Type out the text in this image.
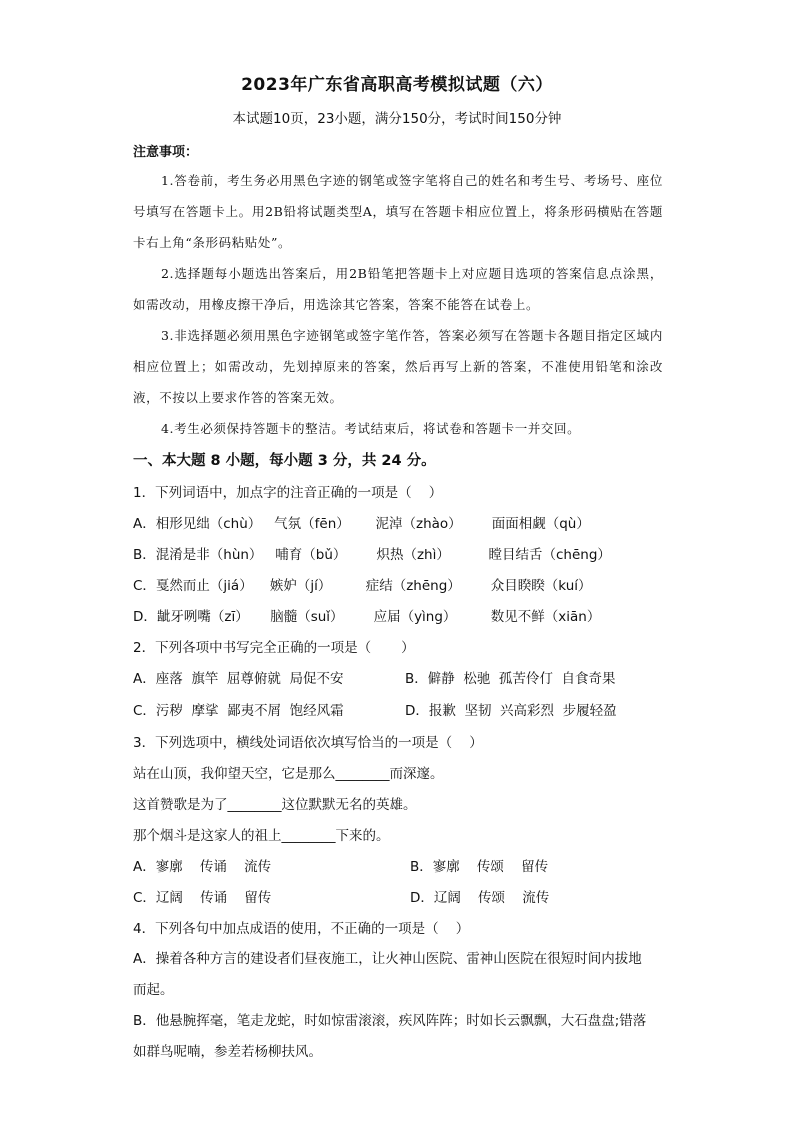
2023年广东省高职高考模拟试题（六）
本试题10页，23小题，满分150分，考试时间150分钟
注意事项：
1.答卷前，考生务必用黑色字迹的钢笔或签字笔将自己的姓名和考生号、考场号、座位号填写在答题卡上。用2B铅将试题类型A，填写在答题卡相应位置上，将条形码横贴在答题卡右上角“条形码粘贴处”。
2.选择题每小题选出答案后，用2B铅笔把答题卡上对应题目选项的答案信息点涂黑，如需改动，用橡皮擦干净后，用选涂其它答案，答案不能答在试卷上。
3.非选择题必须用黑色字迹钢笔或签字笔作答，答案必须写在答题卡各题目指定区域内相应位置上；如需改动，先划掉原来的答案，然后再写上新的答案，不准使用铅笔和涂改液，不按以上要求作答的答案无效。
4.考生必须保持答题卡的整洁。考试结束后，将试卷和答题卡一并交回。
一、本大题 8 小题，每小题 3 分，共 24 分。
1．下列词语中，加点字的注音正确的一项是（    ）
A．相形见绌（chù）   气氛（fēn）      泥淖（zhào）       面面相觑（qù）
B．混淆是非（hùn）   哺育（bǔ）       炽热（zhì）         瞠目结舌（chēng）
C．戛然而止（jiá）    嫉妒（jí）        症结（zhēng）       众目睽睽（kuí）
D．龇牙咧嘴（zī）     脑髓（suǐ）       应届（yìng）        数见不鲜（xiān）
2．下列各项中书写完全正确的一项是（       ）
A．座落  旗竿  屈尊俯就  局促不安	B．僻静  松驰  孤苦伶仃  自食奇果
C．污秽  摩挲  鄙夷不屑  饱经风霜	D．报歉  坚韧  兴高彩烈  步履轻盈
3．下列选项中，横线处词语依次填写恰当的一项是（    ）
站在山顶，我仰望天空，它是那么________而深邃。
这首赞歌是为了________这位默默无名的英雄。
那个烟斗是这家人的祖上________下来的。
A．寥廓    传诵    流传	B．寥廓    传颂    留传
C．辽阔    传诵    留传	D．辽阔    传颂    流传
4．下列各句中加点成语的使用，不正确的一项是（    ）
A．操着各种方言的建设者们昼夜施工，让火神山医院、雷神山医院在很短时间内拔地而起。
B．他悬腕挥毫，笔走龙蛇，时如惊雷滚滚，疾风阵阵；时如长云飘飘，大石盘盘;错落如群鸟呢喃，参差若杨柳扶风。
